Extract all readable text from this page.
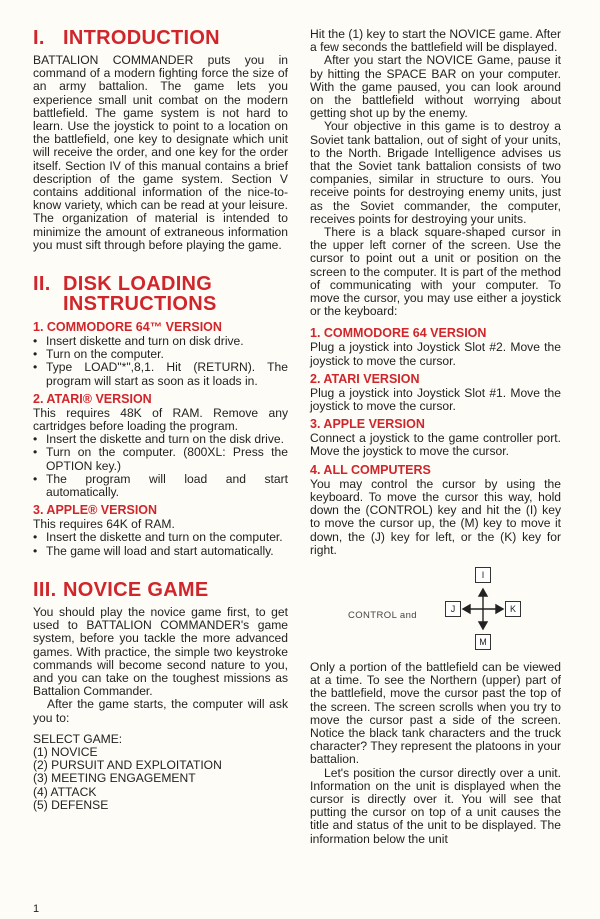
I. INTRODUCTION

BATTALION COMMANDER puts you in command of a modern fighting force the size of an army battalion. The game lets you experience small unit combat on the modern battlefield. The game system is not hard to learn. Use the joystick to point to a location on the battlefield, one key to designate which unit will receive the order, and one key for the order itself. Section IV of this manual contains a brief description of the game system. Section V contains additional information of the nice-to-know variety, which can be read at your leisure. The organization of material is intended to minimize the amount of extraneous information you must sift through before playing the game.

II. DISK LOADING
INSTRUCTIONS
1. COMMODORE 64™ VERSION
• Insert diskette and turn on disk drive.
• Turn on the computer.
• Type LOAD"*",8,1. Hit (RETURN). The program will start as soon as it loads in.
2. ATARI® VERSION

This requires 48K of RAM. Remove any cartridges before loading the program.

• Insert the diskette and turn on the disk drive.
• Turn on the computer. (800XL: Press the OPTION key.)
• The program will load and start automatically.
3. APPLE® VERSION

This requires 64K of RAM.

• Insert the diskette and turn on the computer.
• The game will load and start automatically.
III. NOVICE GAME

You should play the novice game first, to get used to BATTALION COMMANDER's game system, before you tackle the more advanced games. With practice, the simple two keystroke commands will become second nature to you, and you can take on the toughest missions as Battalion Commander.

After the game starts, the computer will ask you to:

SELECT GAME:
(1) NOVICE
(2) PURSUIT AND EXPLOITATION
(3) MEETING ENGAGEMENT
(4) ATTACK
(5) DEFENSE
1

Hit the (1) key to start the NOVICE game. After a few seconds the battlefield will be displayed.

After you start the NOVICE Game, pause it by hitting the SPACE BAR on your computer. With the game paused, you can look around on the battlefield without worrying about getting shot up by the enemy.

Your objective in this game is to destroy a Soviet tank battalion, out of sight of your units, to the North. Brigade Intelligence advises us that the Soviet tank battalion consists of two companies, similar in structure to ours. You receive points for destroying enemy units, just as the Soviet commander, the computer, receives points for destroying your units.

There is a black square-shaped cursor in the upper left corner of the screen. Use the cursor to point out a unit or position on the screen to the computer. It is part of the method of communicating with your computer. To move the cursor, you may use either a joystick or the keyboard:

1. COMMODORE 64 VERSION

Plug a joystick into Joystick Slot #2. Move the joystick to move the cursor.

2. ATARI VERSION

Plug a joystick into Joystick Slot #1. Move the joystick to move the cursor.

3. APPLE VERSION

Connect a joystick to the game controller port. Move the joystick to move the cursor.

4. ALL COMPUTERS

You may control the cursor by using the keyboard. To move the cursor this way, hold down the (CONTROL) key and hit the (I) key to move the cursor up, the (M) key to move it down, the (J) key for left, or the (K) key for right.

CONTROL and
I
J	K
M

Only a portion of the battlefield can be viewed at a time. To see the Northern (upper) part of the battlefield, move the cursor past the top of the screen. The screen scrolls when you try to move the cursor past a side of the screen. Notice the black tank characters and the truck character? They represent the platoons in your battalion.

Let's position the cursor directly over a unit. Information on the unit is displayed when the cursor is directly over it. You will see that putting the cursor on top of a unit causes the title and status of the unit to be displayed. The information below the unit
